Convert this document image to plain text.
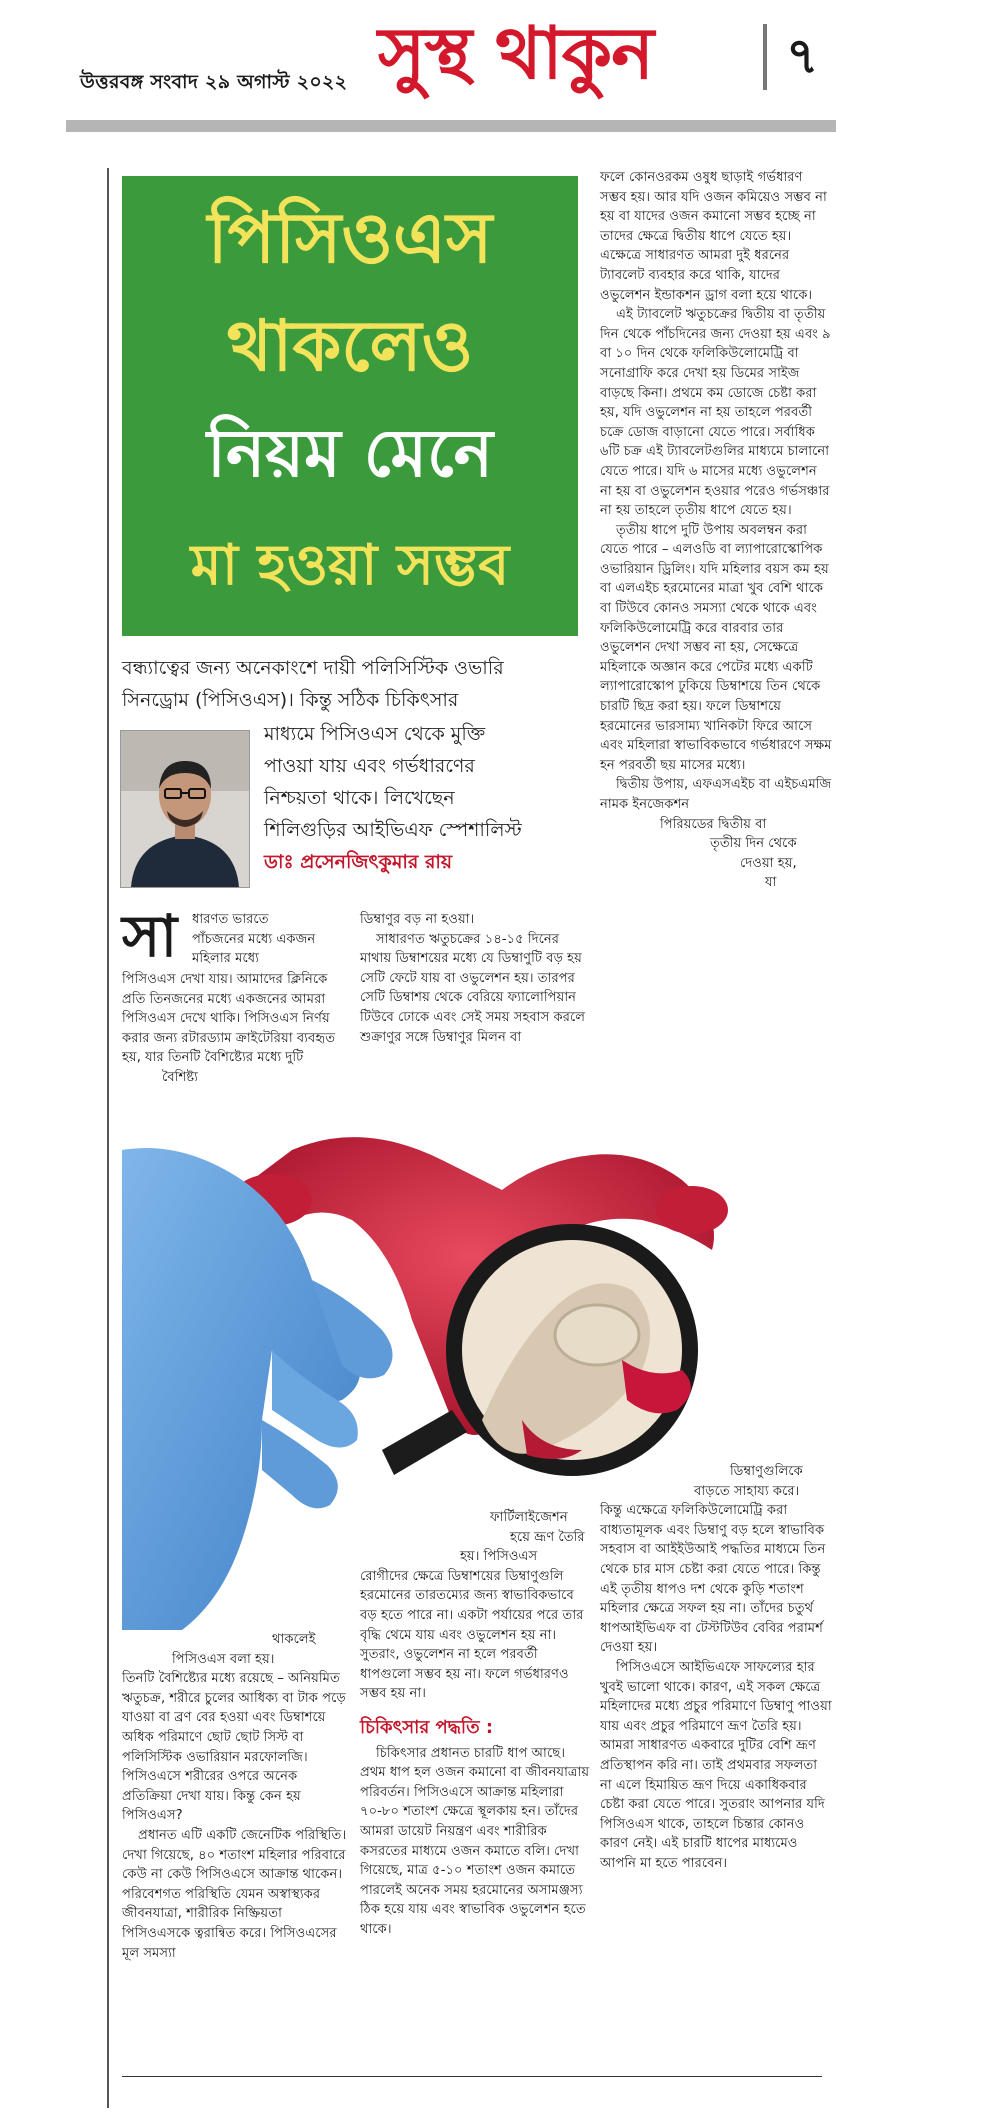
উত্তরবঙ্গ সংবাদ ২৯ অগাস্ট ২০২২ সুস্থ থাকুন	৭
পিসিওএস
থাকলেও
নিয়ম মেনে
মা হওয়া সম্ভব
বন্ধ্যাত্বের জন্য অনেকাংশে দায়ী পলিসিস্টিক ওভারি
সিনড্রোম (পিসিওএস)। কিন্তু সঠিক চিকিৎসার
মাধ্যমে পিসিওএস থেকে মুক্তি
পাওয়া যায় এবং গর্ভধারণের
নিশ্চয়তা থাকে। লিখেছেন
শিলিগুড়ির আইভিএফ স্পেশালিস্ট
ডাঃ প্রসেনজিৎকুমার রায়
সা ধারণত ভারতে
পাঁচজনের মধ্যে একজন
মহিলার মধ্যে

পিসিওএস দেখা যায়। আমাদের ক্লিনিকে প্রতি তিনজনের মধ্যে একজনের আমরা পিসিওএস দেখে থাকি। পিসিওএস নির্ণয় করার জন্য রটারড্যাম ক্রাইটেরিয়া ব্যবহৃত হয়, যার তিনটি বৈশিষ্ট্যের মধ্যে দুটি

বৈশিষ্ট্য

ডিম্বাণুর বড় না হওয়া।

সাধারণত ঋতুচক্রের ১৪-১৫ দিনের মাথায় ডিম্বাশয়ের মধ্যে যে ডিম্বাণুটি বড় হয় সেটি ফেটে যায় বা ওভুলেশন হয়। তারপর সেটি ডিম্বাশয় থেকে বেরিয়ে ফ্যালোপিয়ান টিউবে ঢোকে এবং সেই সময় সহবাস করলে শুক্রাণুর সঙ্গে ডিম্বাণুর মিলন বা

ফলে কোনওরকম ওষুধ ছাড়াই গর্ভধারণ সম্ভব হয়। আর যদি ওজন কমিয়েও সম্ভব না হয় বা যাদের ওজন কমানো সম্ভব হচ্ছে না তাদের ক্ষেত্রে দ্বিতীয় ধাপে যেতে হয়। এক্ষেত্রে সাধারণত আমরা দুই ধরনের ট্যাবলেট ব্যবহার করে থাকি, যাদের ওভুলেশন ইন্ডাকশন ড্রাগ বলা হয়ে থাকে।

এই ট্যাবলেট ঋতুচক্রের দ্বিতীয় বা তৃতীয় দিন থেকে পাঁচদিনের জন্য দেওয়া হয় এবং ৯ বা ১০ দিন থেকে ফলিকিউলোমেট্রি বা সনোগ্রাফি করে দেখা হয় ডিমের সাইজ বাড়ছে কিনা। প্রথমে কম ডোজে চেষ্টা করা হয়, যদি ওভুলেশন না হয় তাহলে পরবর্তী চক্রে ডোজ বাড়ানো যেতে পারে। সর্বাধিক ৬টি চক্র এই ট্যাবলেটগুলির মাধ্যমে চালানো যেতে পারে। যদি ৬ মাসের মধ্যে ওভুলেশন না হয় বা ওভুলেশন হওয়ার পরেও গর্ভসঞ্চার না হয় তাহলে তৃতীয় ধাপে যেতে হয়।

তৃতীয় ধাপে দুটি উপায় অবলম্বন করা যেতে পারে – এলওডি বা ল্যাপারোস্কোপিক ওভারিয়ান ড্রিলিং। যদি মহিলার বয়স কম হয় বা এলএইচ হরমোনের মাত্রা খুব বেশি থাকে বা টিউবে কোনও সমস্যা থেকে থাকে এবং ফলিকিউলোমেট্রি করে বারবার তার ওভুলেশন দেখা সম্ভব না হয়, সেক্ষেত্রে মহিলাকে অজ্ঞান করে পেটের মধ্যে একটি ল্যাপারোস্কোপ ঢুকিয়ে ডিম্বাশয়ে তিন থেকে চারটি ছিদ্র করা হয়। ফলে ডিম্বাশয়ে হরমোনের ভারসাম্য খানিকটা ফিরে আসে এবং মহিলারা স্বাভাবিকভাবে গর্ভধারণে সক্ষম হন পরবর্তী ছয় মাসের মধ্যে।

দ্বিতীয় উপায়, এফএসএইচ বা এইচএমজি নামক ইনজেকশন

পিরিয়ডের দ্বিতীয় বা
তৃতীয় দিন থেকে
দেওয়া হয়,
যা
ডিম্বাণুগুলিকে
বাড়তে সাহায্য করে।

কিন্তু এক্ষেত্রে ফলিকিউলোমেট্রি করা বাধ্যতামূলক এবং ডিম্বাণু বড় হলে স্বাভাবিক সহবাস বা আইইউআই পদ্ধতির মাধ্যমে তিন থেকে চার মাস চেষ্টা করা যেতে পারে। কিন্তু এই তৃতীয় ধাপও দশ থেকে কুড়ি শতাংশ মহিলার ক্ষেত্রে সফল হয় না। তাঁদের চতুর্থ ধাপআইভিএফ বা টেস্টটিউব বেবির পরামর্শ দেওয়া হয়।

পিসিওএসে আইভিএফে সাফল্যের হার খুবই ভালো থাকে। কারণ, এই সকল ক্ষেত্রে মহিলাদের মধ্যে প্রচুর পরিমাণে ডিম্বাণু পাওয়া যায় এবং প্রচুর পরিমাণে ভ্রূণ তৈরি হয়। আমরা সাধারণত একবারে দুটির বেশি ভ্রূণ প্রতিস্থাপন করি না। তাই প্রথমবার সফলতা না এলে হিমায়িত ভ্রূণ দিয়ে একাধিকবার চেষ্টা করা যেতে পারে। সুতরাং আপনার যদি পিসিওএস থাকে, তাহলে চিন্তার কোনও কারণ নেই। এই চারটি ধাপের মাধ্যমেও আপনি মা হতে পারবেন।

ফার্টিলাইজেশন
হয়ে ভ্রূণ তৈরি
হয়। পিসিওএস

রোগীদের ক্ষেত্রে ডিম্বাশয়ের ডিম্বাণুগুলি হরমোনের তারতম্যের জন্য স্বাভাবিকভাবে বড় হতে পারে না। একটা পর্যায়ের পরে তার বৃদ্ধি থেমে যায় এবং ওভুলেশন হয় না। সুতরাং, ওভুলেশন না হলে পরবর্তী ধাপগুলো সম্ভব হয় না। ফলে গর্ভধারণও সম্ভব হয় না।

চিকিৎসার পদ্ধতি :

চিকিৎসার প্রধানত চারটি ধাপ আছে। প্রথম ধাপ হল ওজন কমানো বা জীবনযাত্রায় পরিবর্তন। পিসিওএসে আক্রান্ত মহিলারা ৭০-৮০ শতাংশ ক্ষেত্রে স্থূলকায় হন। তাঁদের আমরা ডায়েট নিয়ন্ত্রণ এবং শারীরিক কসরতের মাধ্যমে ওজন কমাতে বলি। দেখা গিয়েছে, মাত্র ৫-১০ শতাংশ ওজন কমাতে পারলেই অনেক সময় হরমোনের অসামঞ্জস্য ঠিক হয়ে যায় এবং স্বাভাবিক ওভুলেশন হতে থাকে।

থাকলেই
পিসিওএস বলা হয়।

তিনটি বৈশিষ্ট্যের মধ্যে রয়েছে – অনিয়মিত ঋতুচক্র, শরীরে চুলের আধিক্য বা টাক পড়ে যাওয়া বা ব্রণ বের হওয়া এবং ডিম্বাশয়ে অধিক পরিমাণে ছোট ছোট সিস্ট বা পলিসিস্টিক ওভারিয়ান মরফোলজি। পিসিওএসে শরীরের ওপরে অনেক প্রতিক্রিয়া দেখা যায়। কিন্তু কেন হয় পিসিওএস?

প্রধানত এটি একটি জেনেটিক পরিস্থিতি। দেখা গিয়েছে, ৪০ শতাংশ মহিলার পরিবারে কেউ না কেউ পিসিওএসে আক্রান্ত থাকেন। পরিবেশগত পরিস্থিতি যেমন অস্বাস্থ্যকর জীবনযাত্রা, শারীরিক নিষ্ক্রিয়তা পিসিওএসকে ত্বরান্বিত করে। পিসিওএসের মূল সমস্যা
